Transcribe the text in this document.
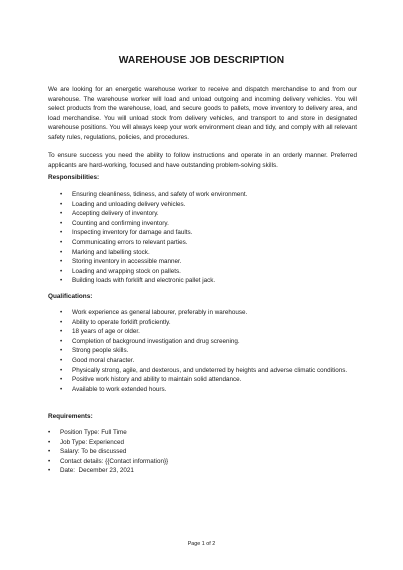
WAREHOUSE JOB DESCRIPTION

We are looking for an energetic warehouse worker to receive and dispatch merchandise to and from our warehouse. The warehouse worker will load and unload outgoing and incoming delivery vehicles. You will select products from the warehouse, load, and secure goods to pallets, move inventory to delivery area, and load merchandise. You will unload stock from delivery vehicles, and transport to and store in designated warehouse positions. You will always keep your work environment clean and tidy, and comply with all relevant safety rules, regulations, policies, and procedures.

To ensure success you need the ability to follow instructions and operate in an orderly manner. Preferred applicants are hard-working, focused and have outstanding problem-solving skills.

Responsibilities:
•	Ensuring cleanliness, tidiness, and safety of work environment.
•	Loading and unloading delivery vehicles.
•	Accepting delivery of inventory.
•	Counting and confirming inventory.
•	Inspecting inventory for damage and faults.
•	Communicating errors to relevant parties.
•	Marking and labelling stock.
•	Storing inventory in accessible manner.
•	Loading and wrapping stock on pallets.
•	Building loads with forklift and electronic pallet jack.
Qualifications:
•	Work experience as general labourer, preferably in warehouse.
•	Ability to operate forklift proficiently.
•	18 years of age or older.
•	Completion of background investigation and drug screening.
•	Strong people skills.
•	Good moral character.
•	Physically strong, agile, and dexterous, and undeterred by heights and adverse climatic conditions.
•	Positive work history and ability to maintain solid attendance.
•	Available to work extended hours.
Requirements:
•	Position Type: Full Time
•	Job Type: Experienced
•	Salary: To be discussed
•	Contact details: {{Contact information}}
•	Date:  December 23, 2021
Page 1 of 2
